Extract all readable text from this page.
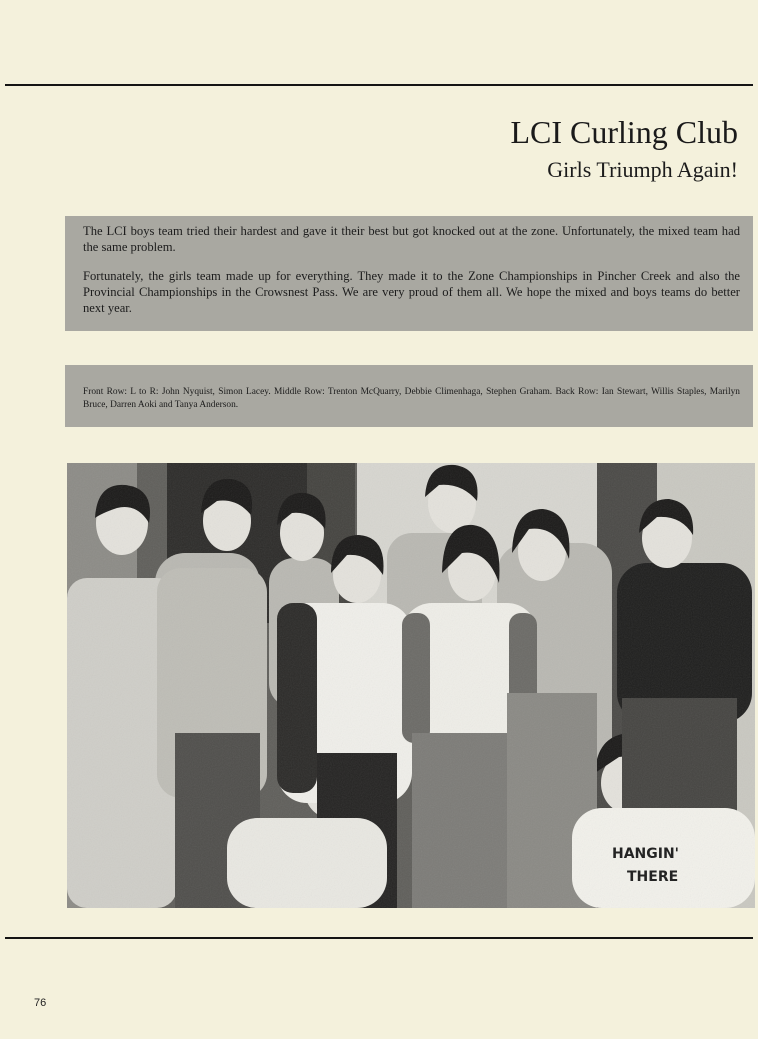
LCI Curling Club
Girls Triumph Again!

The LCI boys team tried their hardest and gave it their best but got knocked out at the zone. Unfortunately, the mixed team had the same problem.

Fortunately, the girls team made up for everything. They made it to the Zone Championships in Pincher Creek and also the Provincial Championships in the Crowsnest Pass. We are very proud of them all. We hope the mixed and boys teams do better next year.

Front Row: L to R: John Nyquist, Simon Lacey. Middle Row: Trenton McQuarry, Debbie Climenhaga, Stephen Graham. Back Row: Ian Stewart, Willis Staples, Marilyn Bruce, Darren Aoki and Tanya Anderson.
76
